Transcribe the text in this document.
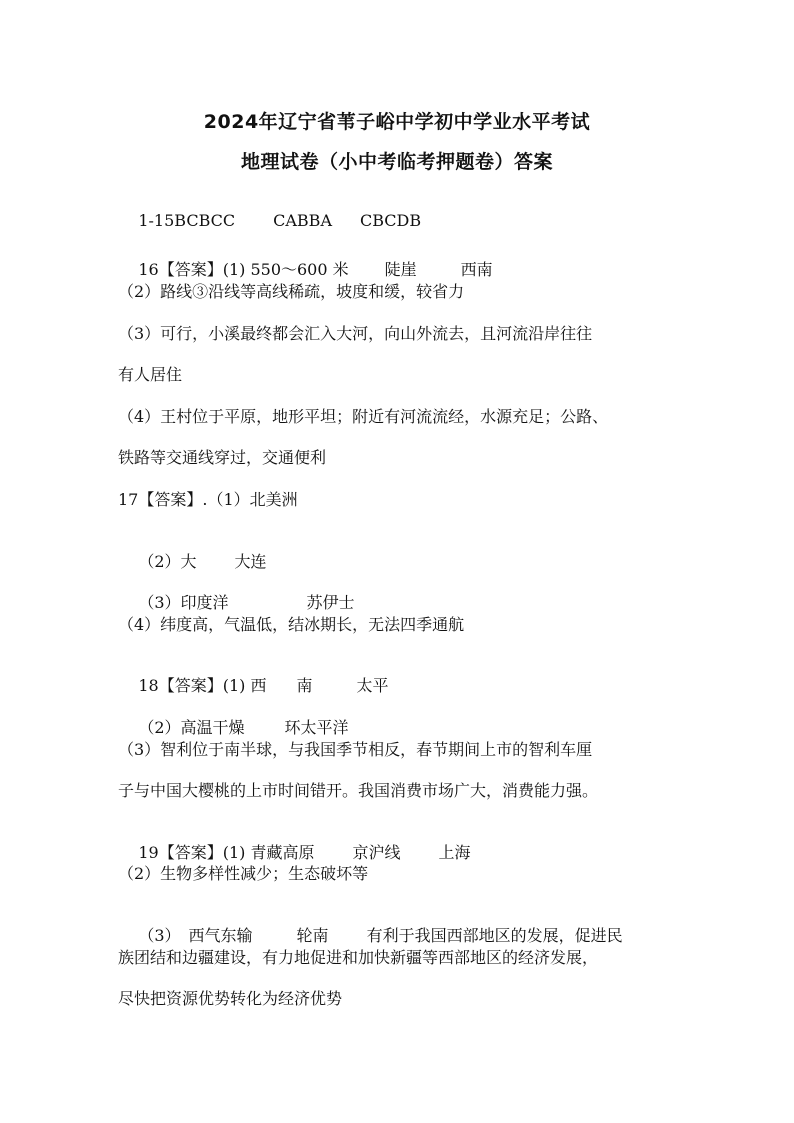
2024年辽宁省苇子峪中学初中学业水平考试
地理试卷（小中考临考押题卷）答案

1-15BCBCC CABBA CBCDB

16【答案】(1) 550～600 米 陡崖	西南

（2）路线③沿线等高线稀疏，坡度和缓，较省力
（3）可行，小溪最终都会汇入大河，向山外流去，且河流沿岸往往
有人居住
（4）王村位于平原，地形平坦；附近有河流流经，水源充足；公路、
铁路等交通线穿过，交通便利
17【答案】.（1）北美洲

（2）大 大连

（3）印度洋	苏伊士

（4）纬度高，气温低，结冰期长，无法四季通航

18【答案】(1) 西 南	太平

（2）高温干燥	环太平洋

（3）智利位于南半球，与我国季节相反，春节期间上市的智利车厘
子与中国大樱桃的上市时间错开。我国消费市场广大，消费能力强。

19【答案】(1) 青藏高原 京沪线 上海

（2）生物多样性减少；生态破坏等

（3） 西气东输	轮南 有利于我国西部地区的发展，促进民

族团结和边疆建设，有力地促进和加快新疆等西部地区的经济发展，
尽快把资源优势转化为经济优势
